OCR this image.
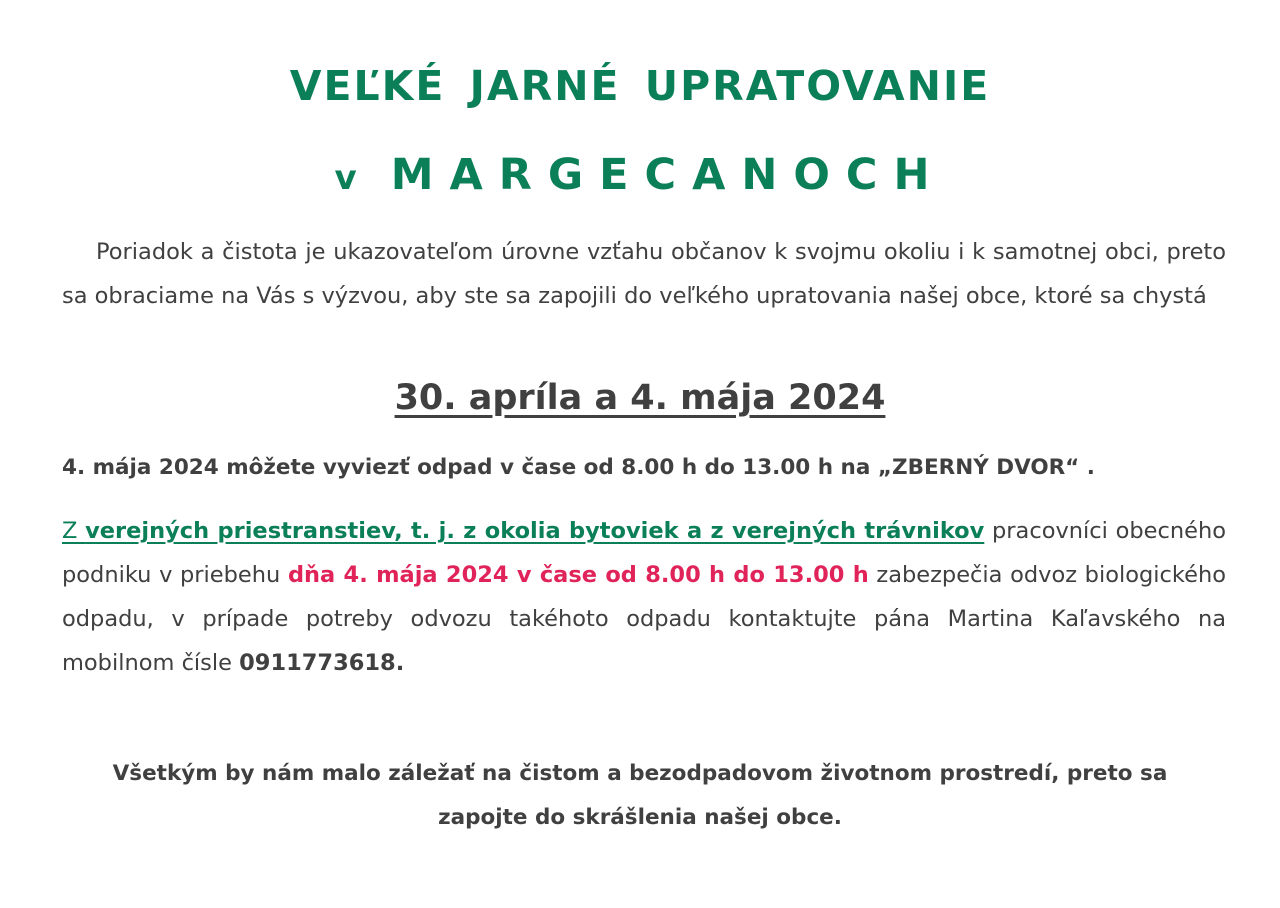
VEĽKÉ JARNÉ UPRATOVANIE
v MARGECANOCH

Poriadok a čistota je ukazovateľom úrovne vzťahu občanov k svojmu okoliu i k samotnej obci, preto sa obraciame na Vás s výzvou, aby ste sa zapojili do veľkého upratovania našej obce, ktoré sa chystá

30. apríla a 4. mája 2024

4. mája 2024 môžete vyviezť odpad v čase od 8.00 h do 13.00 h na „ZBERNÝ DVOR“ .

Z verejných priestranstiev, t. j. z okolia bytoviek a z verejných trávnikov pracovníci obecného podniku v priebehu dňa 4. mája 2024 v čase od 8.00 h do 13.00 h zabezpečia odvoz biologického odpadu, v prípade potreby odvozu takéhoto odpadu kontaktujte pána Martina Kaľavského na mobilnom čísle 0911773618.

Všetkým by nám malo záležať na čistom a bezodpadovom životnom prostredí, preto sa zapojte do skrášlenia našej obce.
